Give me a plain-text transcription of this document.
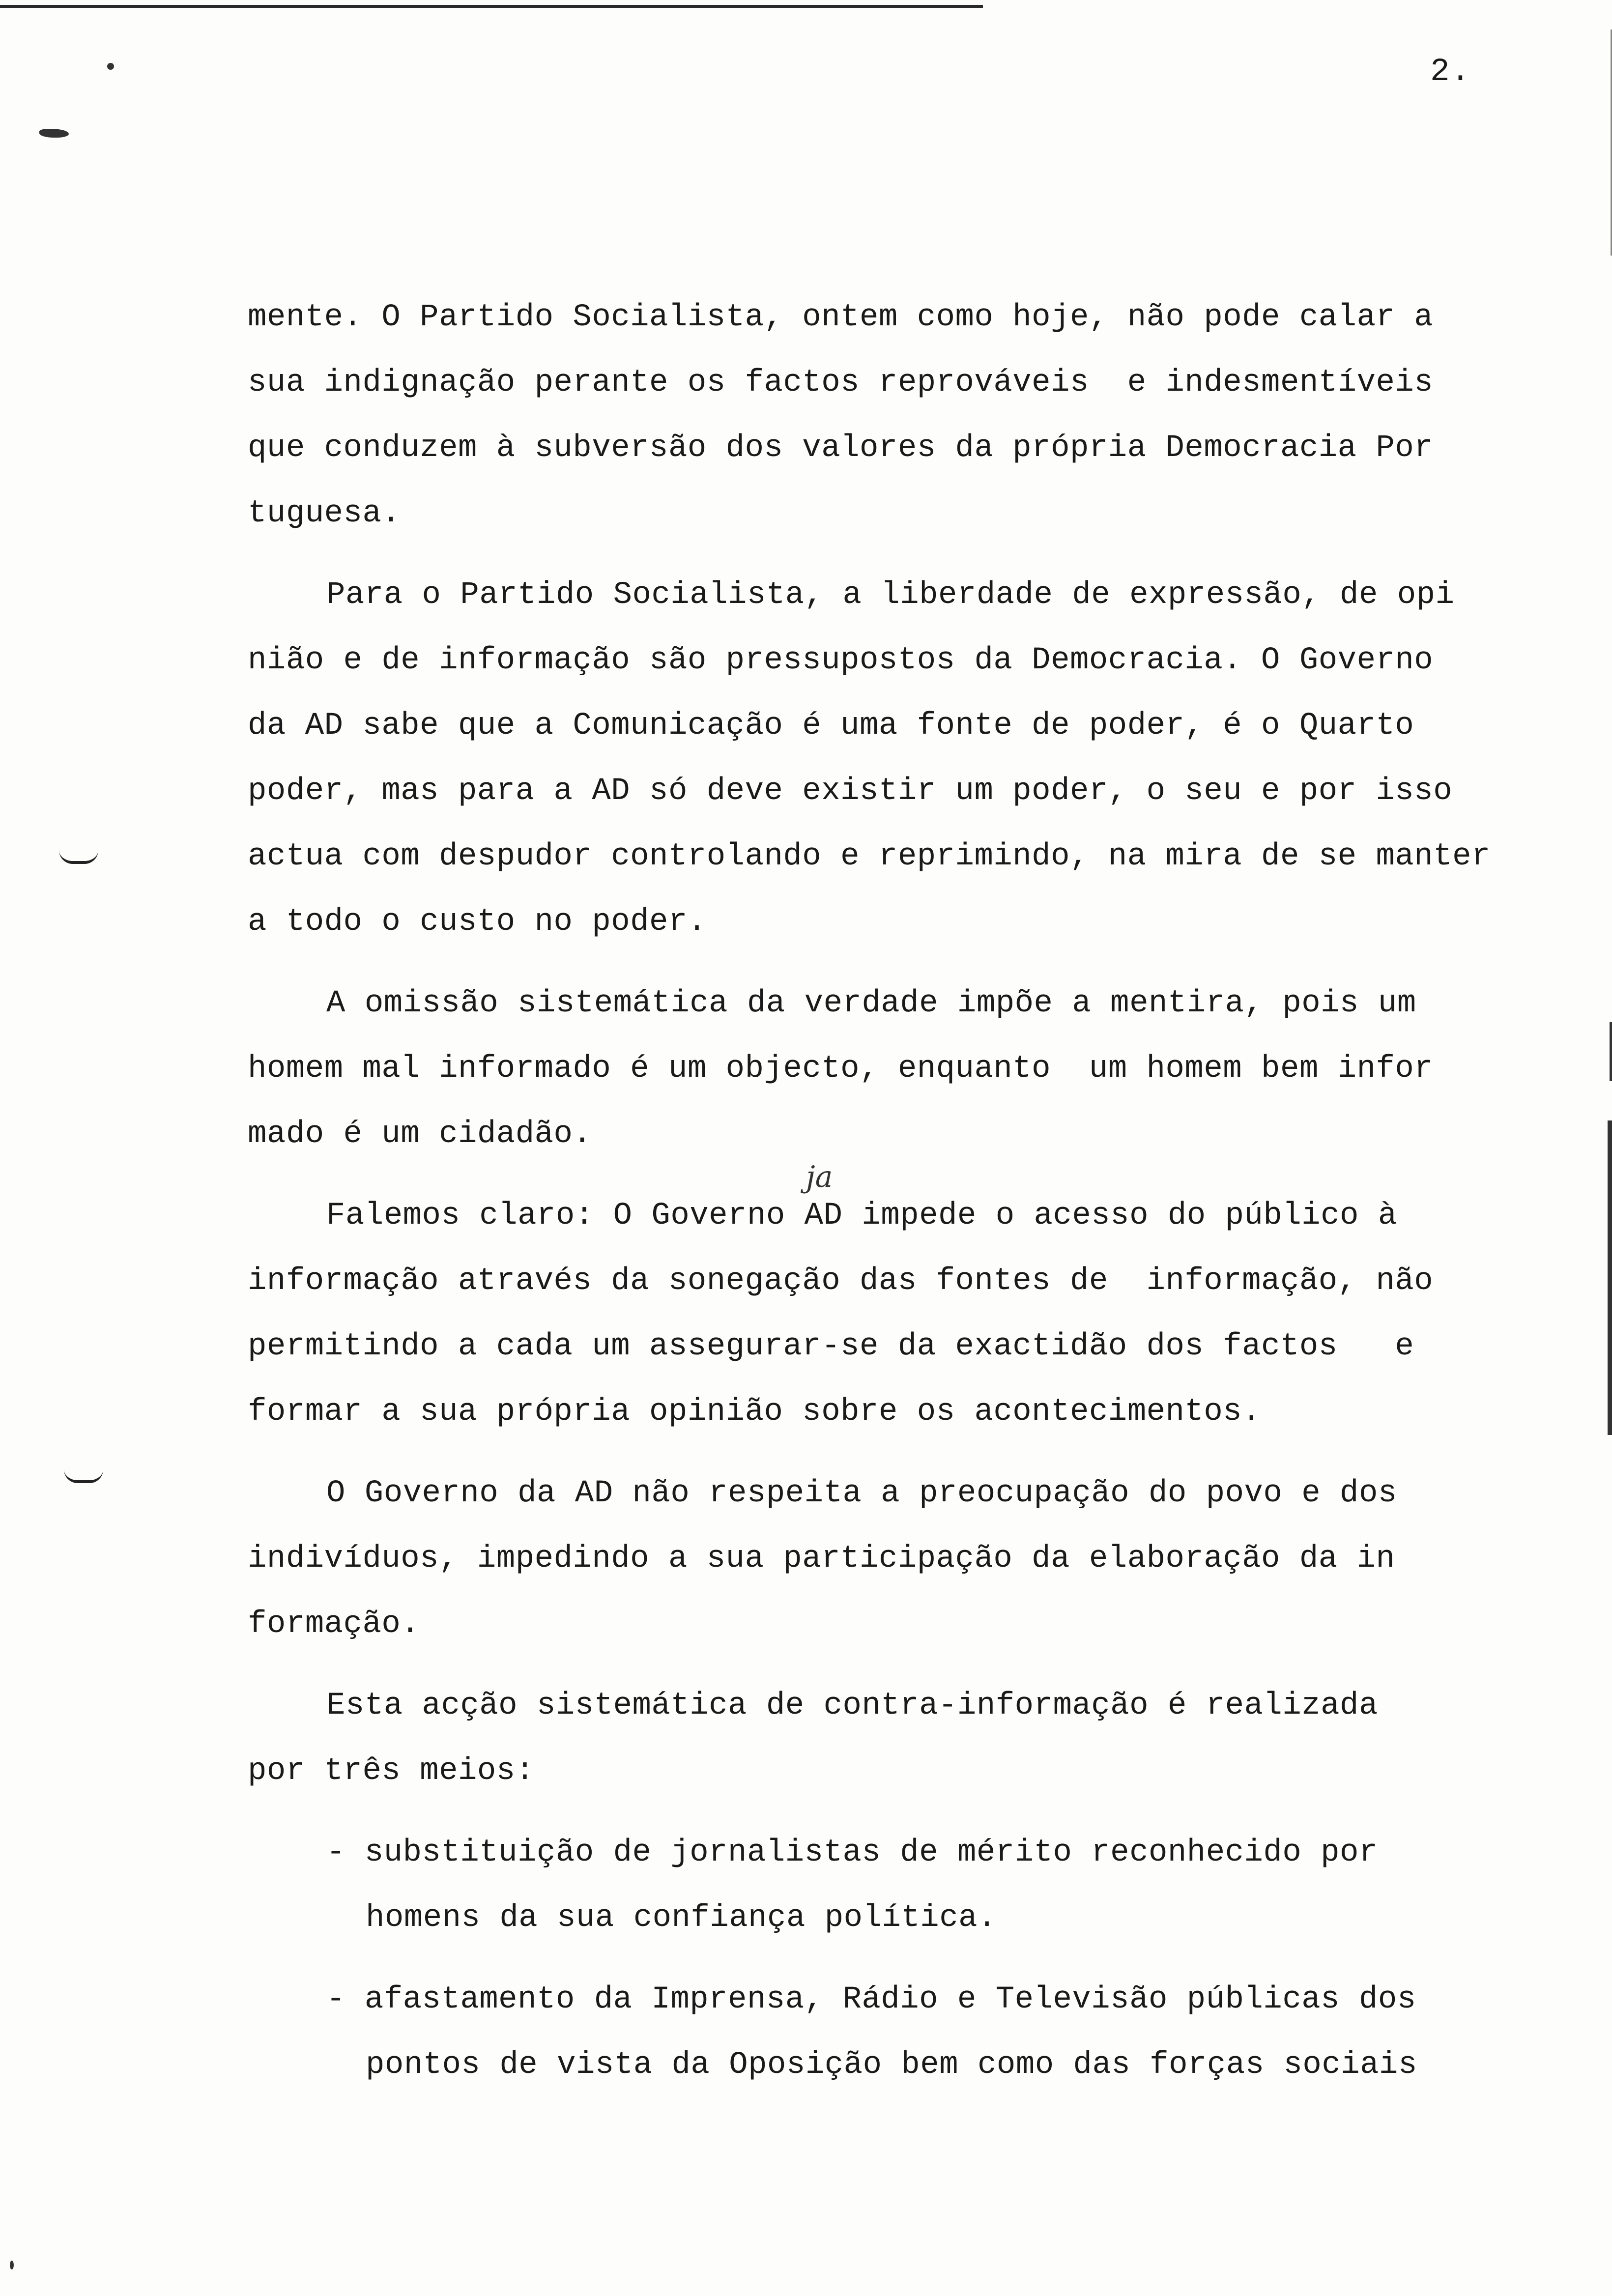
2.
ja
mente. O Partido Socialista, ontem como hoje, não pode calar a
sua indignação perante os factos reprováveis  e indesmentíveis
que conduzem à subversão dos valores da própria Democracia Por
tuguesa.
Para o Partido Socialista, a liberdade de expressão, de opi
nião e de informação são pressupostos da Democracia. O Governo
da AD sabe que a Comunicação é uma fonte de poder, é o Quarto
poder, mas para a AD só deve existir um poder, o seu e por isso
actua com despudor controlando e reprimindo, na mira de se manter
a todo o custo no poder.
A omissão sistemática da verdade impõe a mentira, pois um
homem mal informado é um objecto, enquanto  um homem bem infor
mado é um cidadão.
Falemos claro: O Governo AD impede o acesso do público à
informação através da sonegação das fontes de  informação, não
permitindo a cada um assegurar-se da exactidão dos factos   e
formar a sua própria opinião sobre os acontecimentos.
O Governo da AD não respeita a preocupação do povo e dos
indivíduos, impedindo a sua participação da elaboração da in
formação.
Esta acção sistemática de contra-informação é realizada
por três meios:
- substituição de jornalistas de mérito reconhecido por
homens da sua confiança política.
- afastamento da Imprensa, Rádio e Televisão públicas dos
pontos de vista da Oposição bem como das forças sociais
